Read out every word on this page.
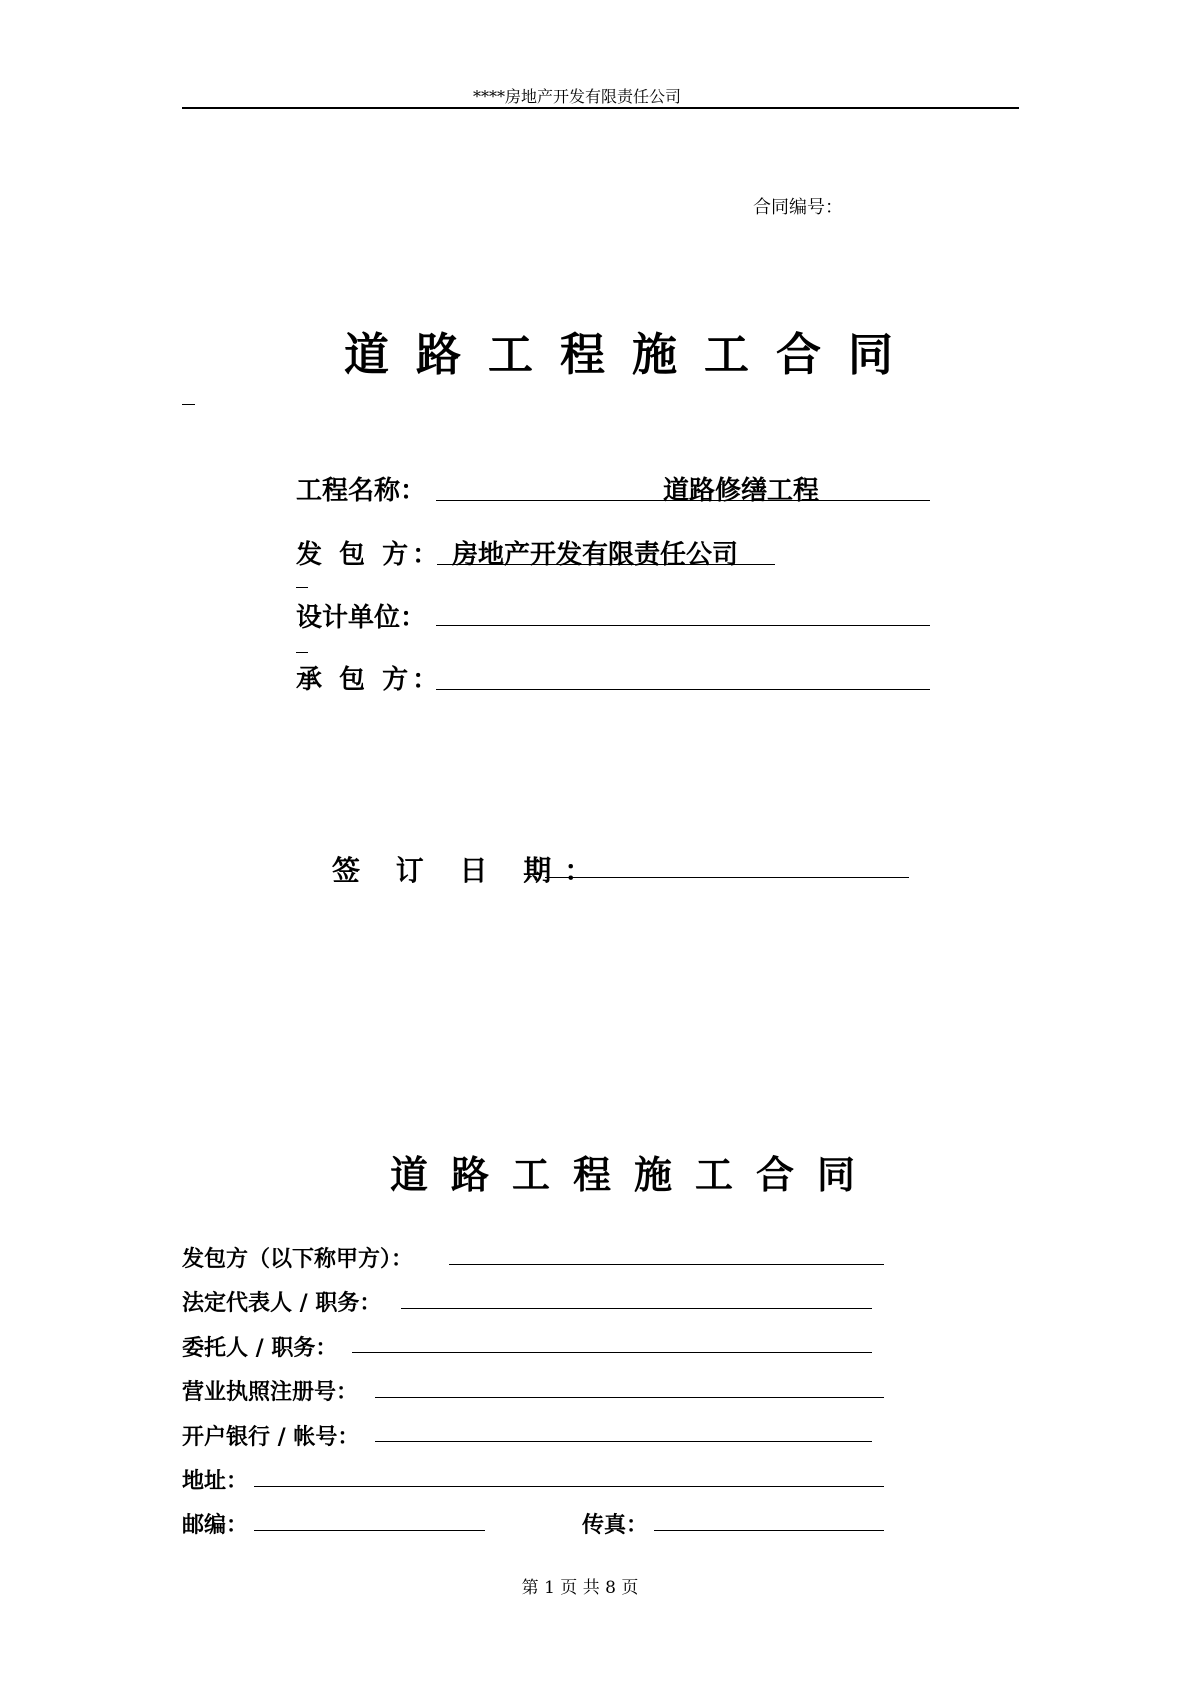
****房地产开发有限责任公司
合同编号：
道路工程施工合同
工程名称：	道路修缮工程
发 包 方： 房地产开发有限责任公司
设计单位：
承 包 方：
签 订 日 期：
道路工程施工合同
发包方（以下称甲方）：
法定代表人 / 职务：
委托人 / 职务：
营业执照注册号：
开户银行 / 帐号：
地址：
邮编：	传真：
第 1 页 共 8 页
